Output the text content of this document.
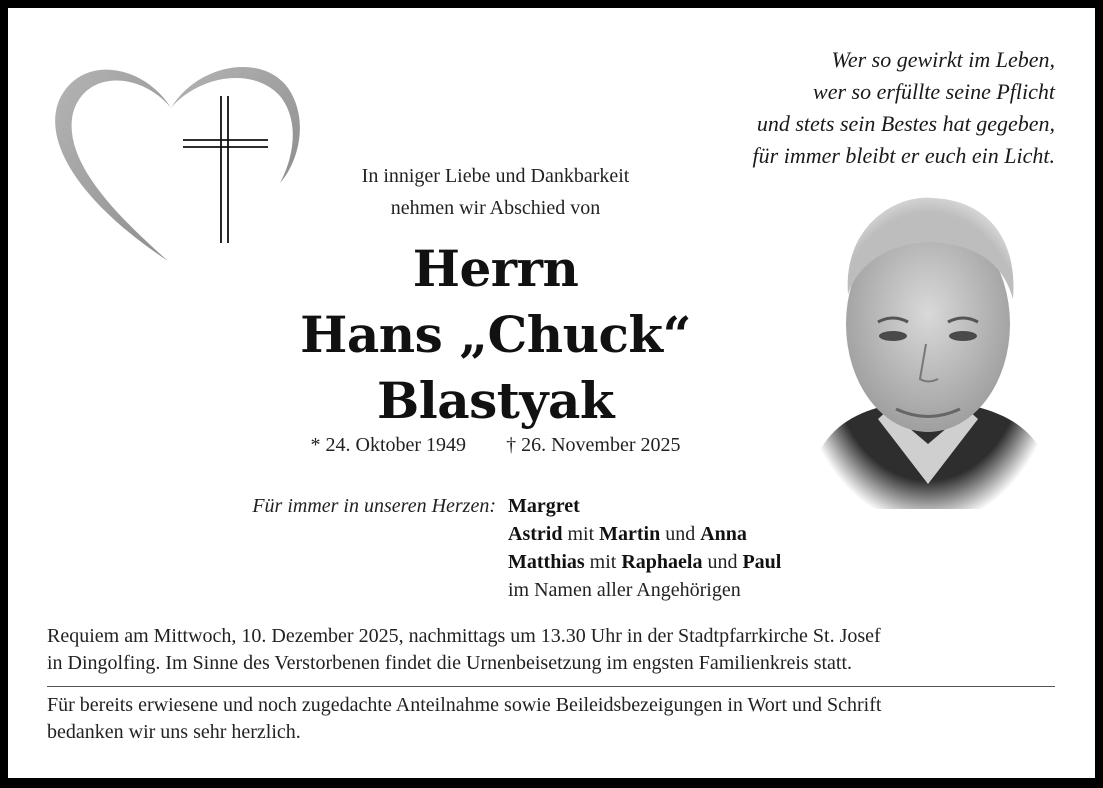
Wer so gewirkt im Leben,
wer so erfüllte seine Pflicht
und stets sein Bestes hat gegeben,
für immer bleibt er euch ein Licht.
In inniger Liebe und Dankbarkeit
nehmen wir Abschied von
Herrn
Hans „Chuck“
Blastyak
* 24. Oktober 1949 † 26. November 2025
Für immer in unseren Herzen: Margret
Astrid mit Martin und Anna
Matthias mit Raphaela und Paul
im Namen aller Angehörigen
Requiem am Mittwoch, 10. Dezember 2025, nachmittags um 13.30 Uhr in der Stadtpfarrkirche St. Josef
in Dingolfing. Im Sinne des Verstorbenen findet die Urnenbeisetzung im engsten Familienkreis statt.
Für bereits erwiesene und noch zugedachte Anteilnahme sowie Beileidsbezeigungen in Wort und Schrift
bedanken wir uns sehr herzlich.
